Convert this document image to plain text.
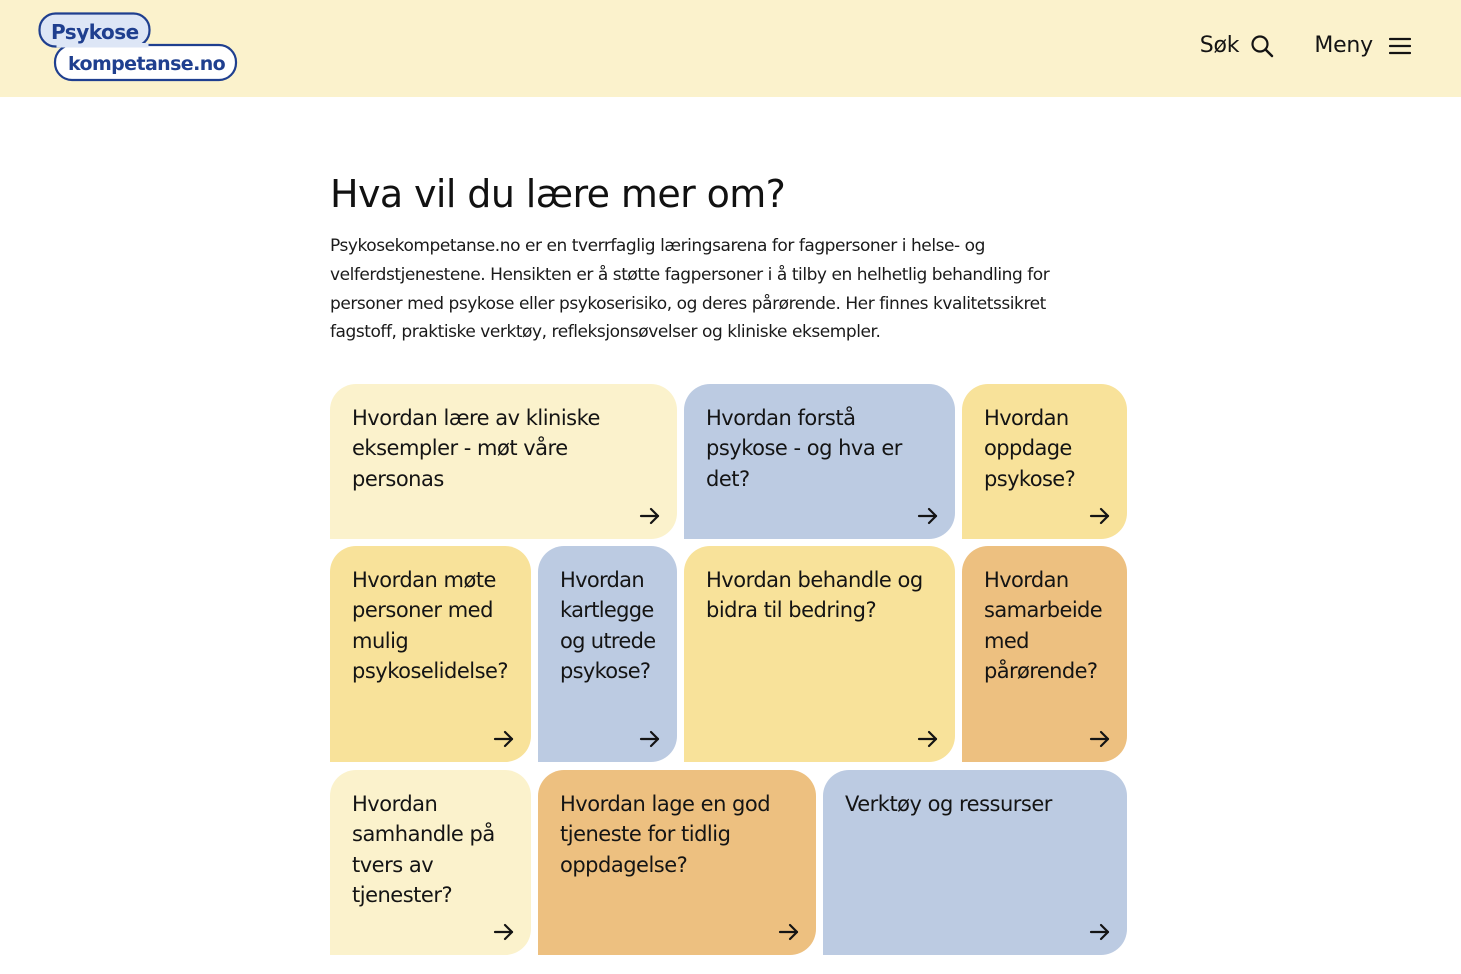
Psykose
kompetanse.no
Søk	Meny
Hva vil du lære mer om?

Psykosekompetanse.no er en tverrfaglig læringsarena for fagpersoner i helse- og velferdstjenestene. Hensikten er å støtte fagpersoner i å tilby en helhetlig behandling for personer med psykose eller psykoserisiko, og deres pårørende. Her finnes kvalitetssikret fagstoff, praktiske verktøy, refleksjonsøvelser og kliniske eksempler.

Hvordan lære av kliniske eksempler - møt våre personas
Hvordan forstå psykose - og hva er det?
Hvordan oppdage psykose?
Hvordan møte personer med mulig psykoselidelse?
Hvordan kartlegge og utrede psykose?
Hvordan behandle og bidra til bedring?
Hvordan samarbeide med pårørende?
Hvordan samhandle på tvers av tjenester?
Hvordan lage en god tjeneste for tidlig oppdagelse?
Verktøy og ressurser
